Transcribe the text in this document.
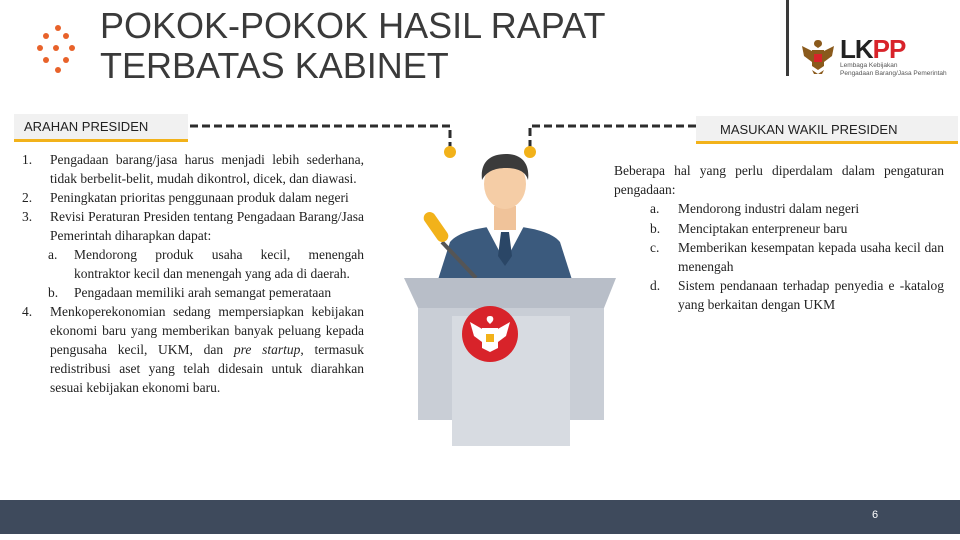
POKOK-POKOK HASIL RAPAT
TERBATAS KABINET	LKPP
Lembaga Kebijakan
Pengadaan Barang/Jasa Pemerintah
ARAHAN PRESIDEN	MASUKAN WAKIL PRESIDEN
1.	Pengadaan barang/jasa harus menjadi lebih sederhana, tidak berbelit-belit, mudah dikontrol, dicek, dan diawasi.
2.	Peningkatan prioritas penggunaan produk dalam negeri
3.	Revisi Peraturan Presiden tentang Pengadaan Barang/Jasa Pemerintah diharapkan dapat:
a.	Mendorong produk usaha kecil, menengah kontraktor kecil dan menengah yang ada di daerah.
b.	Pengadaan memiliki arah semangat pemerataan
4.	Menkoperekonomian sedang mempersiapkan kebijakan ekonomi baru yang memberikan banyak peluang kepada pengusaha kecil, UKM, dan pre startup, termasuk redistribusi aset yang telah didesain untuk diarahkan sesuai kebijakan ekonomi baru.
Beberapa hal yang perlu diperdalam dalam pengaturan pengadaan:
a.	Mendorong industri dalam negeri
b.	Menciptakan enterpreneur baru
c.	Memberikan kesempatan kepada usaha kecil dan menengah
d.	Sistem pendanaan terhadap penyedia e -katalog yang berkaitan dengan UKM
6
